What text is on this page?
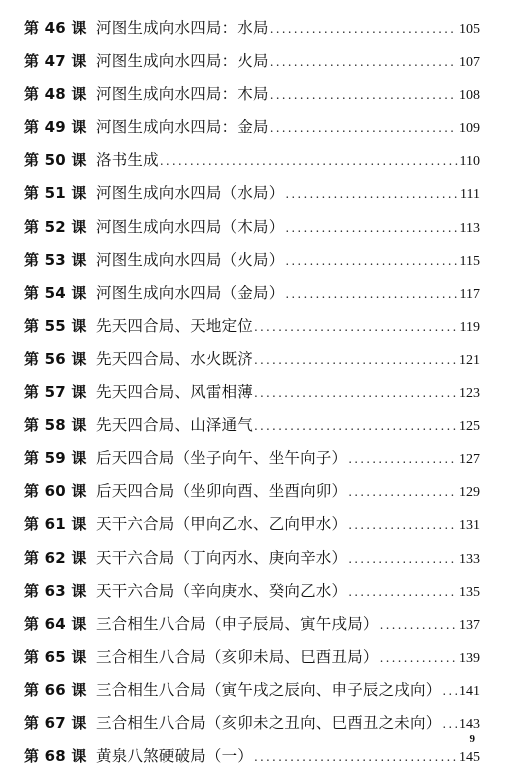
第 46 课 河图生成向水四局：水局 .....	105
第 47 课 河图生成向水四局：火局 .....	107
第 48 课 河图生成向水四局：木局 .....	108
第 49 课 河图生成向水四局：金局 .....	109
第 50 课 洛书生成 .....	110
第 51 课 河图生成向水四局（水局） .....	111
第 52 课 河图生成向水四局（木局） .....	113
第 53 课 河图生成向水四局（火局） .....	115
第 54 课 河图生成向水四局（金局） .....	117
第 55 课 先天四合局、天地定位 .....	119
第 56 课 先天四合局、水火既济 .....	121
第 57 课 先天四合局、风雷相薄 .....	123
第 58 课 先天四合局、山泽通气 .....	125
第 59 课 后天四合局（坐子向午、坐午向子） .....	127
第 60 课 后天四合局（坐卯向酉、坐酉向卯） .....	129
第 61 课 天干六合局（甲向乙水、乙向甲水） .....	131
第 62 课 天干六合局（丁向丙水、庚向辛水） .....	133
第 63 课 天干六合局（辛向庚水、癸向乙水） .....	135
第 64 课 三合相生八合局（申子辰局、寅午戌局） .....	137
第 65 课 三合相生八合局（亥卯未局、巳酉丑局） .....	139
第 66 课 三合相生八合局（寅午戌之辰向、申子辰之戌向） ..... 141
第 67 课 三合相生八合局（亥卯未之丑向、巳酉丑之未向） ..... 143
第 68 课 黄泉八煞硬破局（一） .....	145
9
